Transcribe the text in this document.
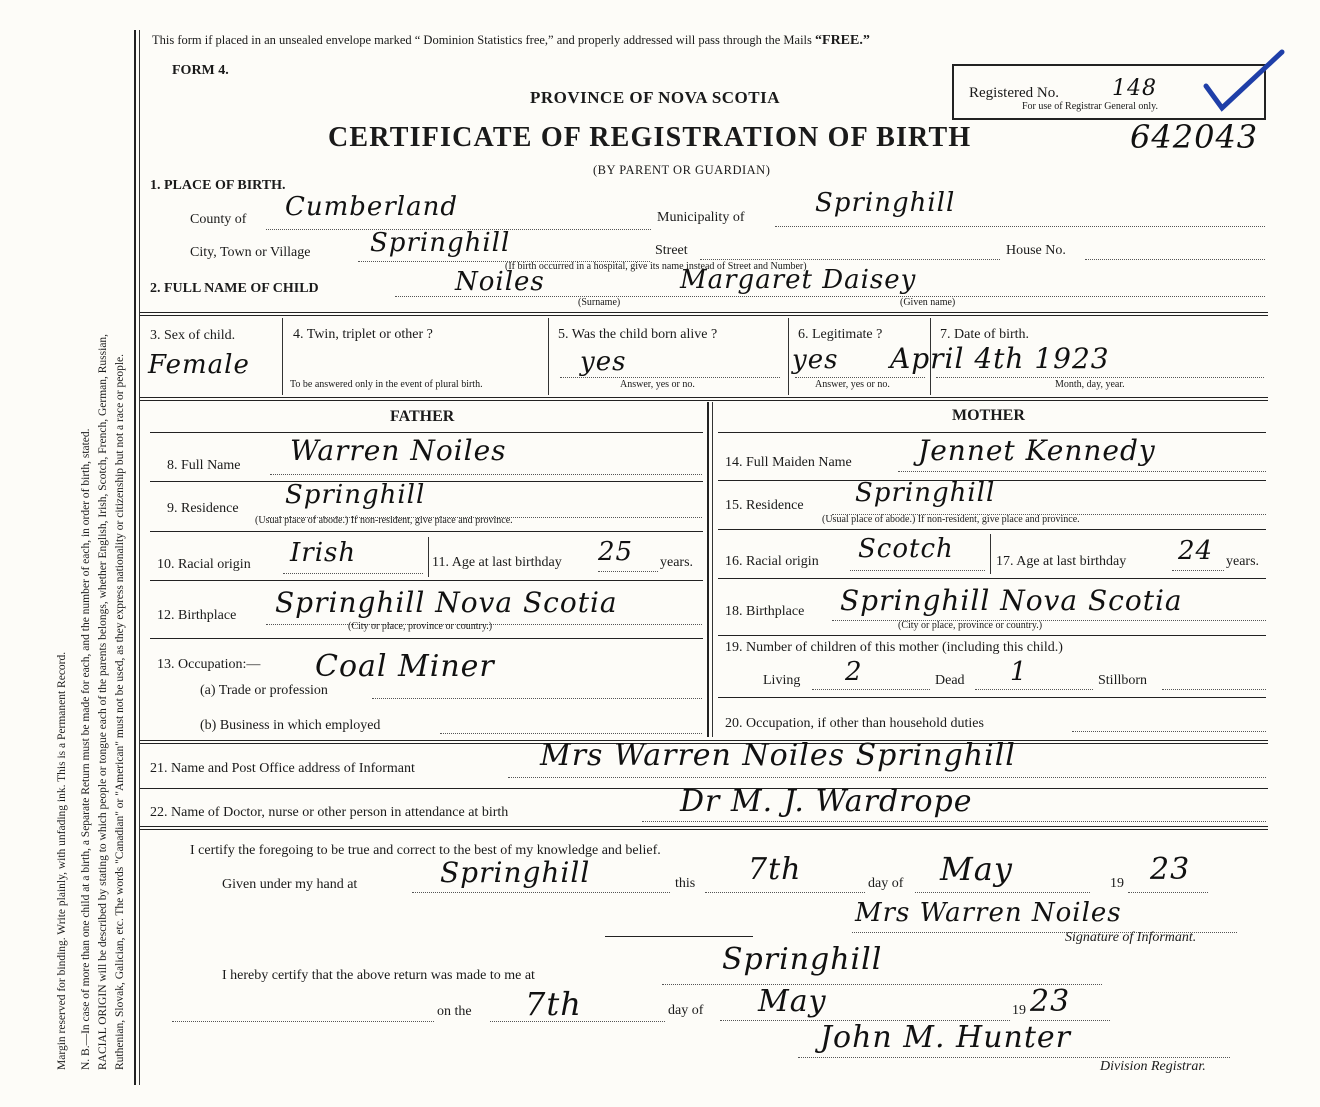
Margin reserved for binding. Write plainly, with unfading ink. This is a Permanent Record. N. B.—In case of more than one child at a birth, a Separate Return must be made for each, and the number of each, in order of birth, stated. RACIAL ORIGIN will be described by stating to which people or tongue each of the parents belongs, whether English, Irish, Scotch, French, German, Russian, Ruthenian, Slovak, Galician, etc. The words "Canadian" or "American" must not be used, as they express nationality or citizenship but not a race or people.
This form if placed in an unsealed envelope marked “ Dominion Statistics free,” and properly addressed will pass through the Mails “FREE.”
FORM 4.
PROVINCE OF NOVA SCOTIA
CERTIFICATE OF REGISTRATION OF BIRTH
(BY PARENT OR GUARDIAN)
Registered No. 148
For use of Registrar General only.
642043
1. PLACE OF BIRTH.
County of Cumberland	Municipality of	Springhill
City, Town or Village Springhill	Street	House No.
(If birth occurred in a hospital, give its name instead of Street and Number)
2. FULL NAME OF CHILD	Noiles	Margaret Daisey
(Surname)	(Given name)
3. Sex of child.
Female
4. Twin, triplet or other ?
To be answered only in the event of plural birth.
5. Was the child born alive ?
yes
Answer, yes or no.
6. Legitimate ?
yes
Answer, yes or no.
7. Date of birth.
April 4th 1923
Month, day, year.
FATHER	MOTHER
8. Full Name Warren Noiles
9. Residence Springhill
(Usual place of abode.) If non-resident, give place and province.
10. Racial origin Irish	11. Age at last birthday 25 years.
12. Birthplace Springhill Nova Scotia
(City or place, province or country.)
13. Occupation:— Coal Miner
(a) Trade or profession
(b) Business in which employed
14. Full Maiden Name Jennet Kennedy
15. Residence Springhill
(Usual place of abode.) If non-resident, give place and province.
16. Racial origin Scotch	17. Age at last birthday 24 years.
18. Birthplace Springhill Nova Scotia
(City or place, province or country.)
19. Number of children of this mother (including this child.)
Living 2	Dead 1	Stillborn
20. Occupation, if other than household duties
21. Name and Post Office address of Informant	Mrs Warren Noiles Springhill
22. Name of Doctor, nurse or other person in attendance at birth	Dr M. J. Wardrope
I certify the foregoing to be true and correct to the best of my knowledge and belief.
Given under my hand at	Springhill	this 7th	day of May	19 23
Mrs Warren Noiles
Signature of Informant.
I hereby certify that the above return was made to me at	Springhill
on the 7th	day of May	19 23
John M. Hunter
Division Registrar.
